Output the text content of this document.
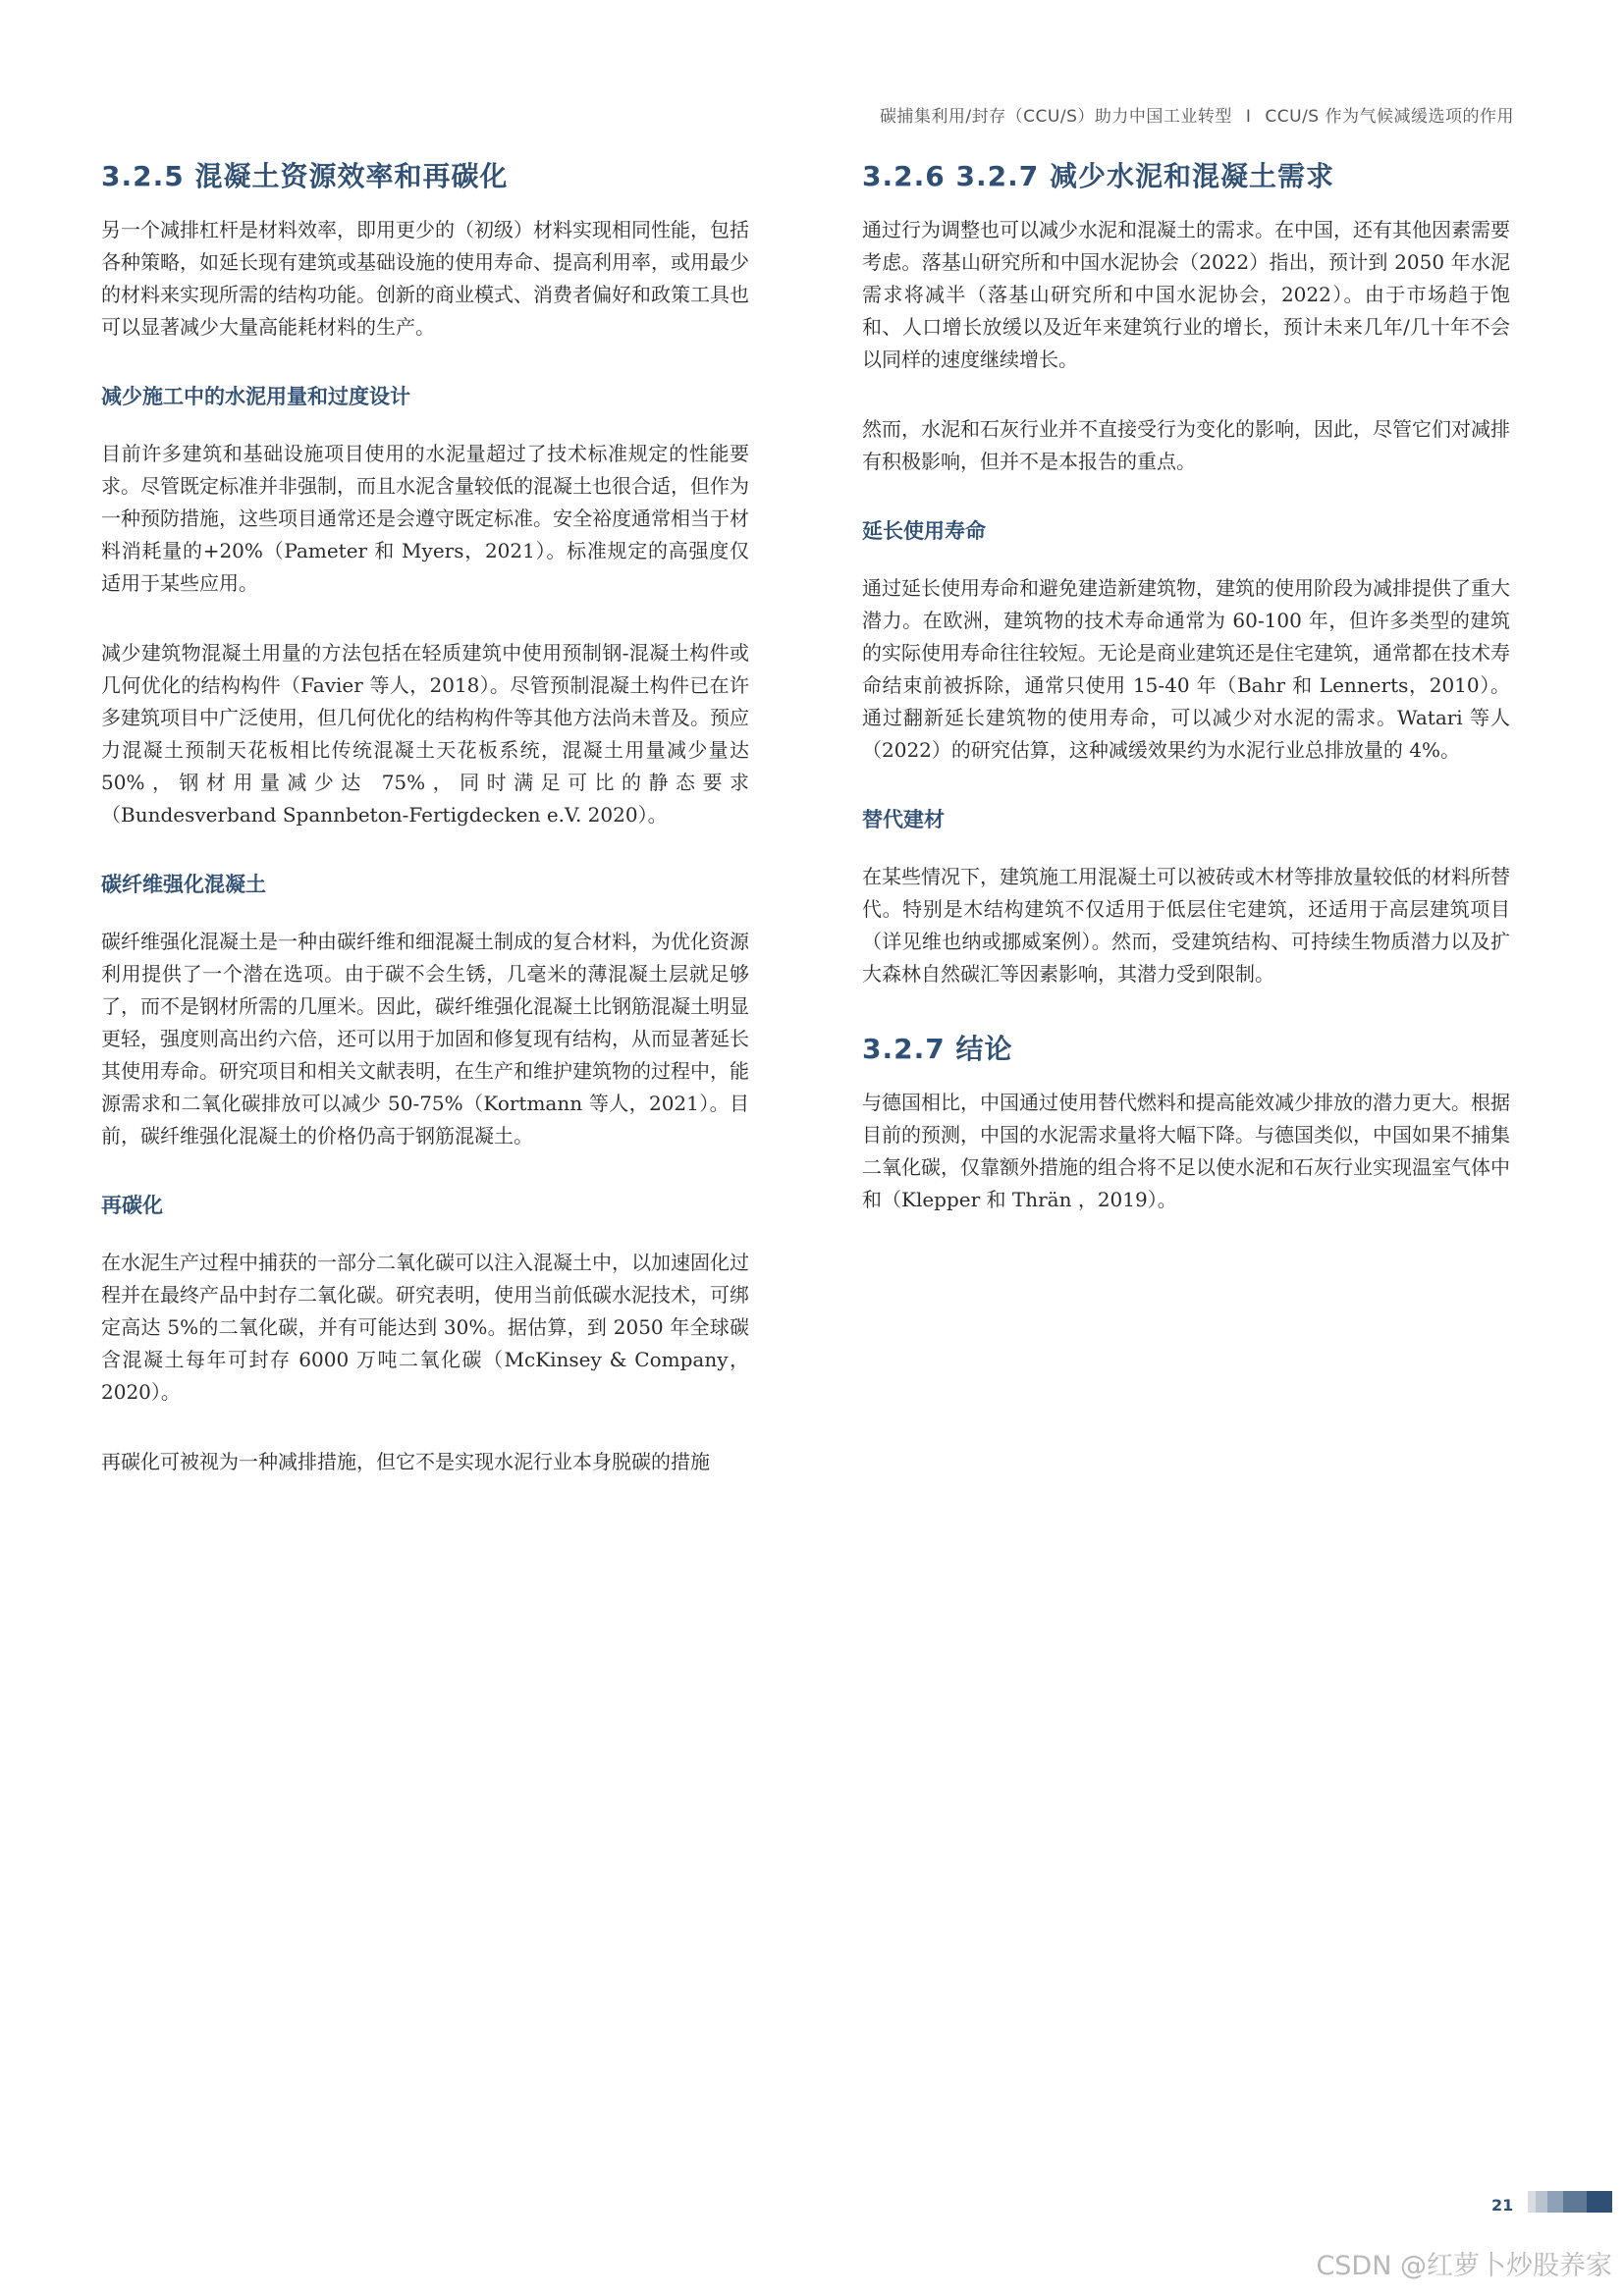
碳捕集利用/封存（CCU/S）助力中国工业转型 I CCU/S 作为气候减缓选项的作用
3.2.5 混凝土资源效率和再碳化

另一个减排杠杆是材料效率，即用更少的（初级）材料实现相同性能，包括各种策略，如延长现有建筑或基础设施的使用寿命、提高利用率，或用最少的材料来实现所需的结构功能。创新的商业模式、消费者偏好和政策工具也可以显著减少大量高能耗材料的生产。

减少施工中的水泥用量和过度设计

目前许多建筑和基础设施项目使用的水泥量超过了技术标准规定的性能要求。尽管既定标准并非强制，而且水泥含量较低的混凝土也很合适，但作为一种预防措施，这些项目通常还是会遵守既定标准。安全裕度通常相当于材料消耗量的+20%（Pameter 和 Myers，2021）。标准规定的高强度仅适用于某些应用。

减少建筑物混凝土用量的方法包括在轻质建筑中使用预制钢-混凝土构件或几何优化的结构构件（Favier 等人，2018）。尽管预制混凝土构件已在许多建筑项目中广泛使用，但几何优化的结构构件等其他方法尚未普及。预应力混凝土预制天花板相比传统混凝土天花板系统，混凝土用量减少量达 50%，钢材用量减少达 75%，同时满足可比的静态要求（Bundesverband Spannbeton-Fertigdecken e.V. 2020）。

碳纤维强化混凝土

碳纤维强化混凝土是一种由碳纤维和细混凝土制成的复合材料，为优化资源利用提供了一个潜在选项。由于碳不会生锈，几毫米的薄混凝土层就足够了，而不是钢材所需的几厘米。因此，碳纤维强化混凝土比钢筋混凝土明显更轻，强度则高出约六倍，还可以用于加固和修复现有结构，从而显著延长其使用寿命。研究项目和相关文献表明，在生产和维护建筑物的过程中，能源需求和二氧化碳排放可以减少 50-75%（Kortmann 等人，2021）。目前，碳纤维强化混凝土的价格仍高于钢筋混凝土。

再碳化

在水泥生产过程中捕获的一部分二氧化碳可以注入混凝土中，以加速固化过程并在最终产品中封存二氧化碳。研究表明，使用当前低碳水泥技术，可绑定高达 5%的二氧化碳，并有可能达到 30%。据估算，到 2050 年全球碳含混凝土每年可封存 6000 万吨二氧化碳（McKinsey & Company，2020）。

再碳化可被视为一种减排措施，但它不是实现水泥行业本身脱碳的措施

3.2.6 3.2.7 减少水泥和混凝土需求

通过行为调整也可以减少水泥和混凝土的需求。在中国，还有其他因素需要考虑。落基山研究所和中国水泥协会（2022）指出，预计到 2050 年水泥需求将减半（落基山研究所和中国水泥协会，2022）。由于市场趋于饱和、人口增长放缓以及近年来建筑行业的增长，预计未来几年/几十年不会以同样的速度继续增长。

然而，水泥和石灰行业并不直接受行为变化的影响，因此，尽管它们对减排有积极影响，但并不是本报告的重点。

延长使用寿命

通过延长使用寿命和避免建造新建筑物，建筑的使用阶段为减排提供了重大潜力。在欧洲，建筑物的技术寿命通常为 60-100 年，但许多类型的建筑的实际使用寿命往往较短。无论是商业建筑还是住宅建筑，通常都在技术寿命结束前被拆除，通常只使用 15-40 年（Bahr 和 Lennerts，2010）。通过翻新延长建筑物的使用寿命，可以减少对水泥的需求。Watari 等人（2022）的研究估算，这种减缓效果约为水泥行业总排放量的 4%。

替代建材

在某些情况下，建筑施工用混凝土可以被砖或木材等排放量较低的材料所替代。特别是木结构建筑不仅适用于低层住宅建筑，还适用于高层建筑项目（详见维也纳或挪威案例）。然而，受建筑结构、可持续生物质潜力以及扩大森林自然碳汇等因素影响，其潜力受到限制。

3.2.7 结论

与德国相比，中国通过使用替代燃料和提高能效减少排放的潜力更大。根据目前的预测，中国的水泥需求量将大幅下降。与德国类似，中国如果不捕集二氧化碳，仅靠额外措施的组合将不足以使水泥和石灰行业实现温室气体中和（Klepper 和 Thrän ，2019）。

21
CSDN @红萝卜炒股养家
